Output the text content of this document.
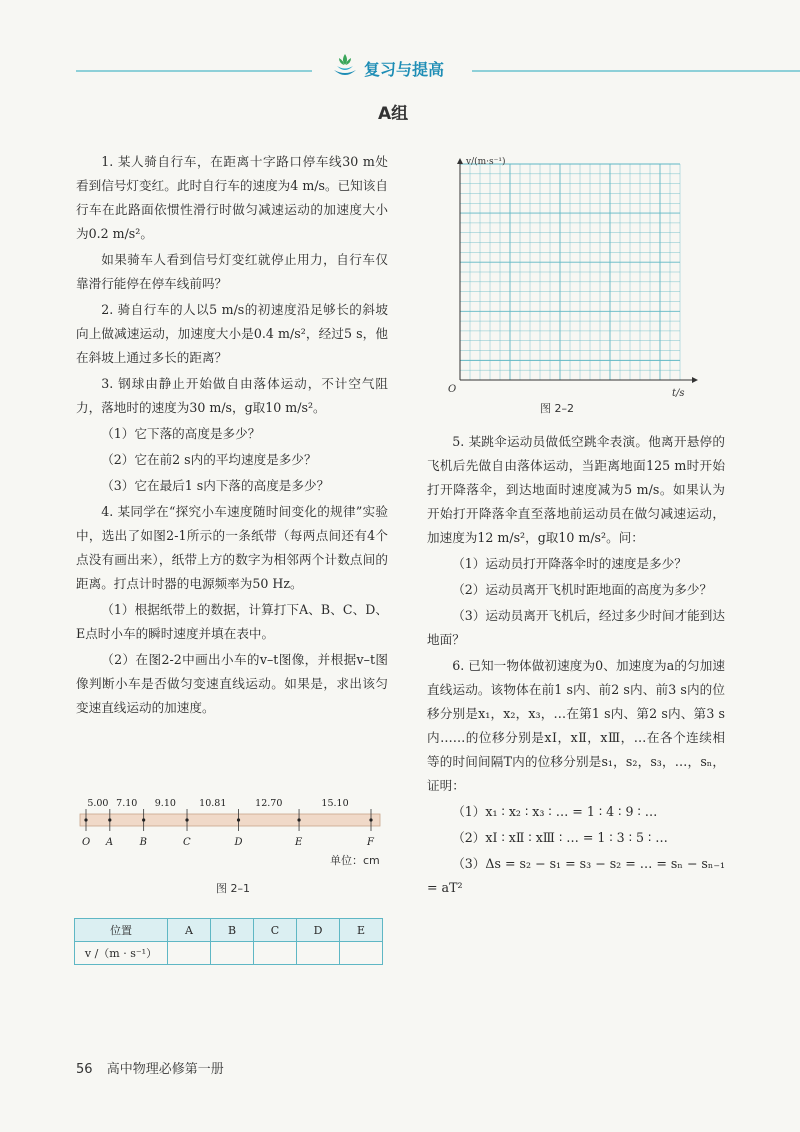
复习与提高
A组

1. 某人骑自行车，在距离十字路口停车线30 m处看到信号灯变红。此时自行车的速度为4 m/s。已知该自行车在此路面依惯性滑行时做匀减速运动的加速度大小为0.2 m/s²。

如果骑车人看到信号灯变红就停止用力，自行车仅靠滑行能停在停车线前吗？

2. 骑自行车的人以5 m/s的初速度沿足够长的斜坡向上做减速运动，加速度大小是0.4 m/s²，经过5 s，他在斜坡上通过多长的距离？

3. 钢球由静止开始做自由落体运动，不计空气阻力，落地时的速度为30 m/s，g取10 m/s²。

（1）它下落的高度是多少？

（2）它在前2 s内的平均速度是多少？

（3）它在最后1 s内下落的高度是多少？

4. 某同学在“探究小车速度随时间变化的规律”实验中，选出了如图2-1所示的一条纸带（每两点间还有4个点没有画出来），纸带上方的数字为相邻两个计数点间的距离。打点计时器的电源频率为50 Hz。

（1）根据纸带上的数据，计算打下A、B、C、D、E点时小车的瞬时速度并填在表中。

（2）在图2-2中画出小车的v–t图像，并根据v–t图像判断小车是否做匀变速直线运动。如果是，求出该匀变速直线运动的加速度。

O A	B	C	D	E	F
5.00 7.10 9.10 10.81	12.70	15.10
单位：cm
图 2–1
位置	A	B	C	D	E
v /（m · s⁻¹）					
v/(m·s⁻¹)
t/s
O
图 2–2

5. 某跳伞运动员做低空跳伞表演。他离开悬停的飞机后先做自由落体运动，当距离地面125 m时开始打开降落伞，到达地面时速度减为5 m/s。如果认为开始打开降落伞直至落地前运动员在做匀减速运动，加速度为12 m/s²，g取10 m/s²。问：

（1）运动员打开降落伞时的速度是多少？

（2）运动员离开飞机时距地面的高度为多少？

（3）运动员离开飞机后，经过多少时间才能到达地面？

6. 已知一物体做初速度为0、加速度为a的匀加速直线运动。该物体在前1 s内、前2 s内、前3 s内的位移分别是x₁，x₂，x₃，…在第1 s内、第2 s内、第3 s内……的位移分别是xⅠ，xⅡ，xⅢ，…在各个连续相等的时间间隔T内的位移分别是s₁，s₂，s₃，…，sₙ，证明：

（1）x₁ ∶ x₂ ∶ x₃ ∶ … = 1 ∶ 4 ∶ 9 ∶ …

（2）xⅠ ∶ xⅡ ∶ xⅢ ∶ … = 1 ∶ 3 ∶ 5 ∶ …

（3）Δs = s₂ − s₁ = s₃ − s₂ = … = sₙ − sₙ₋₁ = aT²

56 高中物理必修第一册
